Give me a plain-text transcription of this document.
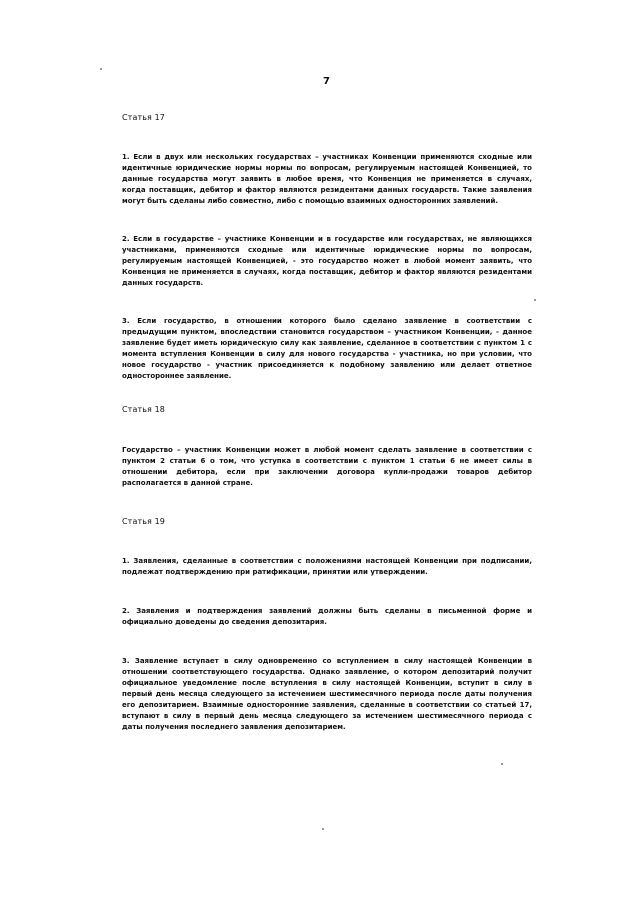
7
Статья 17
1. Если в двух или нескольких государствах – участниках Конвенции применяются сходные или
идентичные юридические нормы нормы по вопросам, регулируемым настоящей Конвенцией, то
данные государства могут заявить в любое время, что Конвенция не применяется в случаях,
когда поставщик, дебитор и фактор являются резидентами данных государств. Такие заявления
могут быть сделаны либо совместно, либо с помощью взаимных односторонних заявлений.
2. Если в государстве – участнике Конвенции и в государстве или государствах, не являющихся
участниками, применяются сходные или идентичные юридические нормы по вопросам,
регулируемым настоящей Конвенцией, - это государство может в любой момент заявить, что
Конвенция не применяется в случаях, когда поставщик, дебитор и фактор являются резидентами
данных государств.
3. Если государство, в отношении которого было сделано заявление в соответствии с
предыдущим пунктом, впоследствии становится государством – участником Конвенции, - данное
заявление будет иметь юридическую силу как заявление, сделанное в соответствии с пунктом 1 с
момента вступления Конвенции в силу для нового государства - участника, но при условии, что
новое государство - участник присоединяется к подобному заявлению или делает ответное
одностороннее заявление.
Статья 18
Государство – участник Конвенции может в любой момент сделать заявление в соответствии с
пунктом 2 статьи 6 о том, что уступка в соответствии с пунктом 1 статьи 6 не имеет силы в
отношении дебитора, если при заключении договора купли-продажи товаров дебитор
располагается в данной стране.
Статья 19
1. Заявления, сделанные в соответствии с положениями настоящей Конвенции при подписании,
подлежат подтверждению при ратификации, принятии или утверждении.
2. Заявления и подтверждения заявлений должны быть сделаны в письменной форме и
официально доведены до сведения депозитария.
3. Заявление вступает в силу одновременно со вступлением в силу настоящей Конвенции в
отношении соответствующего государства. Однако заявление, о котором депозитарий получит
официальное уведомление после вступления в силу настоящей Конвенции, вступит в силу в
первый день месяца следующего за истечением шестимесячного периода после даты получения
его депозитарием. Взаимные односторонние заявления, сделанные в соответствии со статьей 17,
вступают в силу в первый день месяца следующего за истечением шестимесячного периода с
даты получения последнего заявления депозитарием.
